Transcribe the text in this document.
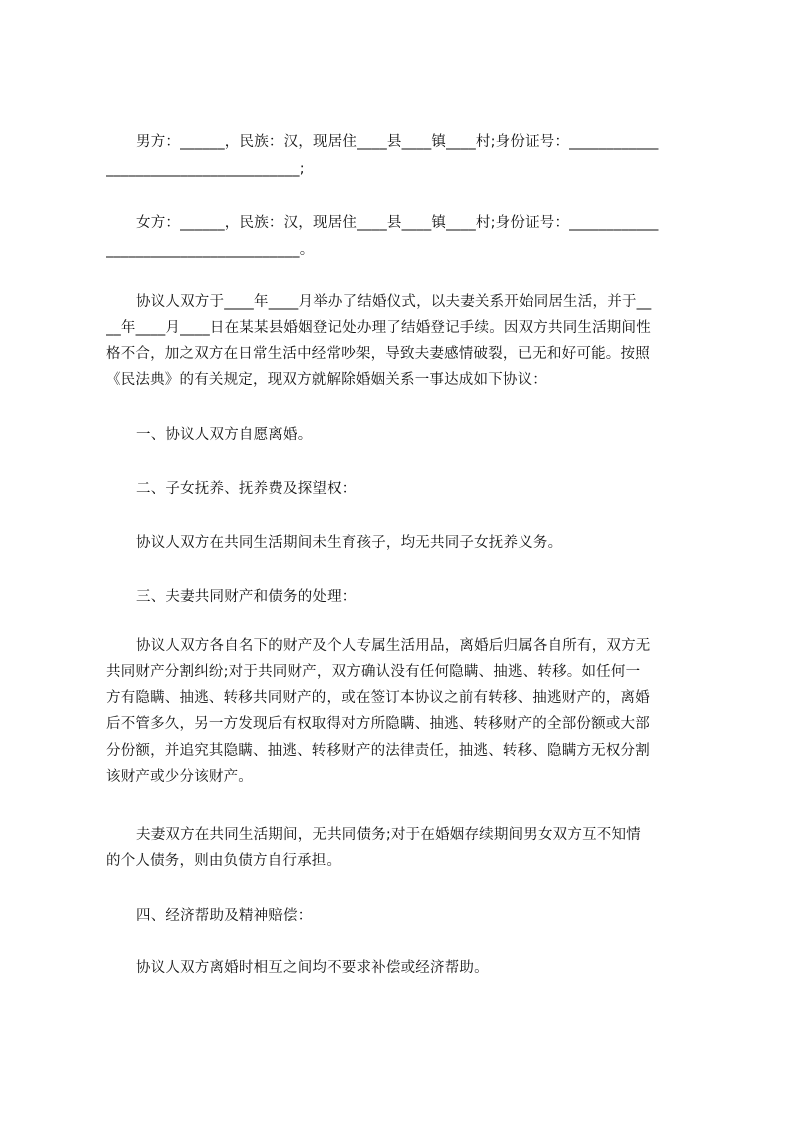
男方：______，民族：汉，现居住____县____镇____村;身份证号：____________
__________________________;
女方：______，民族：汉，现居住____县____镇____村;身份证号：____________
__________________________。
协议人双方于____年____月举办了结婚仪式，以夫妻关系开始同居生活，并于__
__年____月____日在某某县婚姻登记处办理了结婚登记手续。因双方共同生活期间性
格不合，加之双方在日常生活中经常吵架，导致夫妻感情破裂，已无和好可能。按照
《民法典》的有关规定，现双方就解除婚姻关系一事达成如下协议：
一、协议人双方自愿离婚。
二、子女抚养、抚养费及探望权：
协议人双方在共同生活期间未生育孩子，均无共同子女抚养义务。
三、夫妻共同财产和债务的处理：
协议人双方各自名下的财产及个人专属生活用品，离婚后归属各自所有，双方无
共同财产分割纠纷;对于共同财产，双方确认没有任何隐瞒、抽逃、转移。如任何一
方有隐瞒、抽逃、转移共同财产的，或在签订本协议之前有转移、抽逃财产的，离婚
后不管多久，另一方发现后有权取得对方所隐瞒、抽逃、转移财产的全部份额或大部
分份额，并追究其隐瞒、抽逃、转移财产的法律责任，抽逃、转移、隐瞒方无权分割
该财产或少分该财产。
夫妻双方在共同生活期间，无共同债务;对于在婚姻存续期间男女双方互不知情
的个人债务，则由负债方自行承担。
四、经济帮助及精神赔偿：
协议人双方离婚时相互之间均不要求补偿或经济帮助。
